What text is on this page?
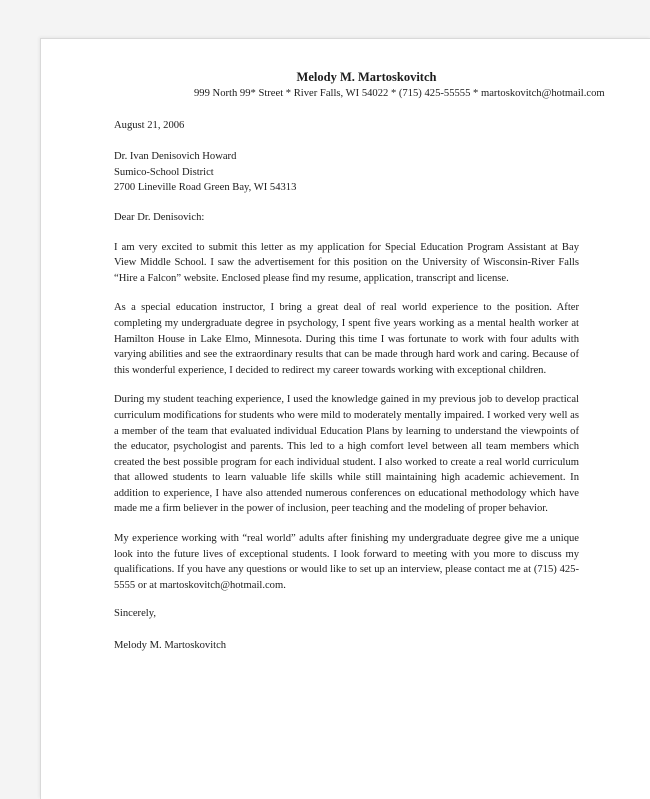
Melody M. Martoskovitch

999 North 99* Street * River Falls, WI 54022 * (715) 425-55555 * martoskovitch@hotmail.com

August 21, 2006

Dr. Ivan Denisovich Howard
Sumico-School District
2700 Lineville Road Green Bay, WI 54313

Dear Dr. Denisovich:

I am very excited to submit this letter as my application for Special Education Program Assistant at Bay View Middle School. I saw the advertisement for this position on the University of Wisconsin-River Falls “Hire a Falcon” website. Enclosed please find my resume, application, transcript and license.

As a special education instructor, I bring a great deal of real world experience to the position. After completing my undergraduate degree in psychology, I spent five years working as a mental health worker at Hamilton House in Lake Elmo, Minnesota. During this time I was fortunate to work with four adults with varying abilities and see the extraordinary results that can be made through hard work and caring. Because of this wonderful experience, I decided to redirect my career towards working with exceptional children.

During my student teaching experience, I used the knowledge gained in my previous job to develop practical curriculum modifications for students who were mild to moderately mentally impaired. I worked very well as a member of the team that evaluated individual Education Plans by learning to understand the viewpoints of the educator, psychologist and parents. This led to a high comfort level between all team members which created the best possible program for each individual student. I also worked to create a real world curriculum that allowed students to learn valuable life skills while still maintaining high academic achievement. In addition to experience, I have also attended numerous conferences on educational methodology which have made me a firm believer in the power of inclusion, peer teaching and the modeling of proper behavior.

My experience working with “real world” adults after finishing my undergraduate degree give me a unique look into the future lives of exceptional students. I look forward to meeting with you more to discuss my qualifications. If you have any questions or would like to set up an interview, please contact me at (715) 425-5555 or at martoskovitch@hotmail.com.

Sincerely,

Melody M. Martoskovitch
